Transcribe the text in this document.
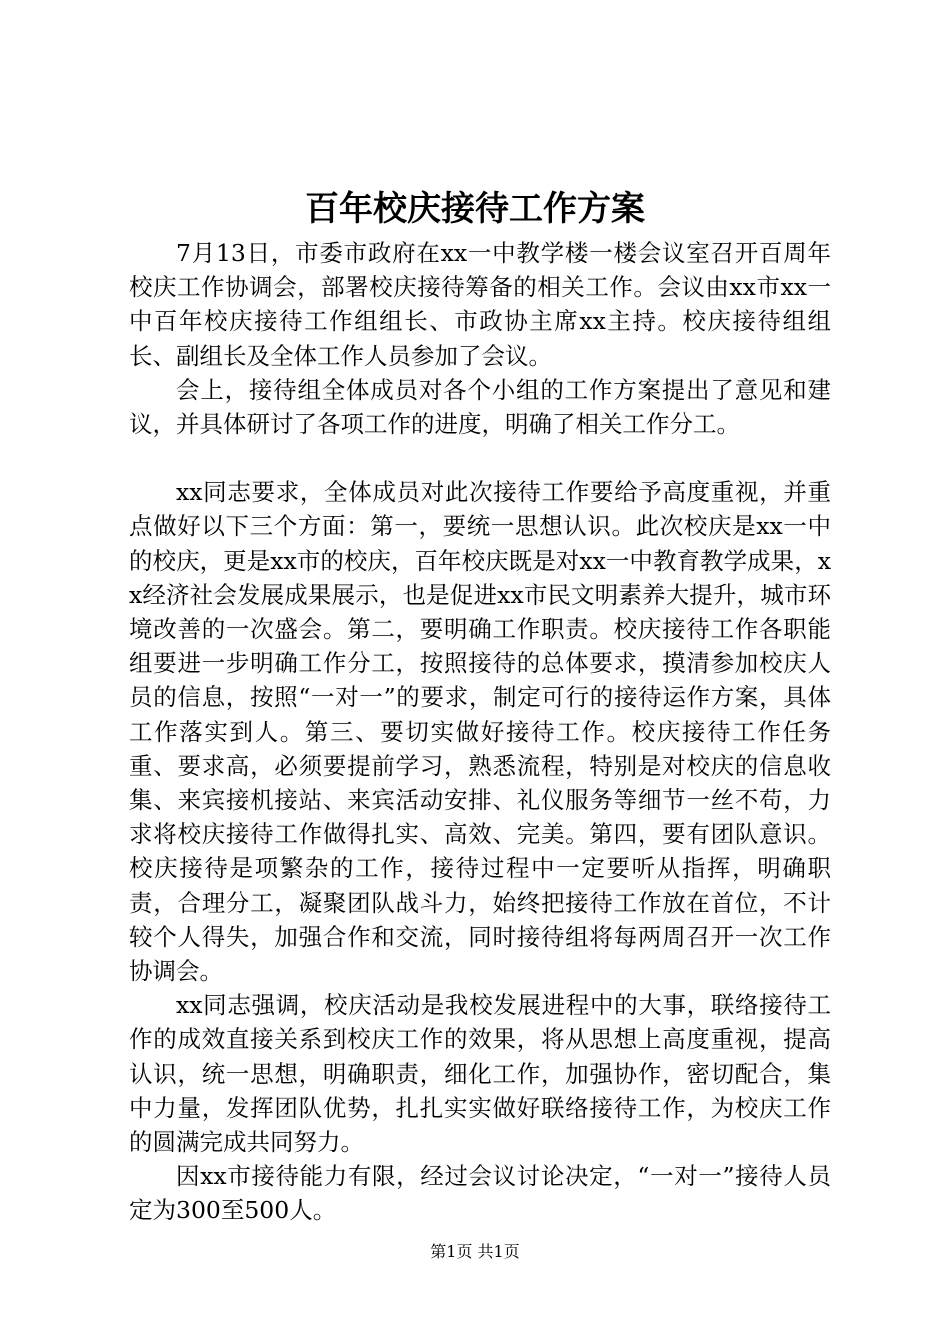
百年校庆接待工作方案

7月13日，市委市政府在xx一中教学楼一楼会议室召开百周年校庆工作协调会，部署校庆接待筹备的相关工作。会议由xx市xx一中百年校庆接待工作组组长、市政协主席xx主持。校庆接待组组长、副组长及全体工作人员参加了会议。

会上，接待组全体成员对各个小组的工作方案提出了意见和建议，并具体研讨了各项工作的进度，明确了相关工作分工。

xx同志要求，全体成员对此次接待工作要给予高度重视，并重点做好以下三个方面：第一，要统一思想认识。此次校庆是xx一中的校庆，更是xx市的校庆，百年校庆既是对xx一中教育教学成果，xx经济社会发展成果展示，也是促进xx市民文明素养大提升，城市环境改善的一次盛会。第二，要明确工作职责。校庆接待工作各职能组要进一步明确工作分工，按照接待的总体要求，摸清参加校庆人员的信息，按照“一对一”的要求，制定可行的接待运作方案，具体工作落实到人。第三、要切实做好接待工作。校庆接待工作任务重、要求高，必须要提前学习，熟悉流程，特别是对校庆的信息收集、来宾接机接站、来宾活动安排、礼仪服务等细节一丝不苟，力求将校庆接待工作做得扎实、高效、完美。第四，要有团队意识。校庆接待是项繁杂的工作，接待过程中一定要听从指挥，明确职责，合理分工，凝聚团队战斗力，始终把接待工作放在首位，不计较个人得失，加强合作和交流，同时接待组将每两周召开一次工作协调会。

xx同志强调，校庆活动是我校发展进程中的大事，联络接待工作的成效直接关系到校庆工作的效果，将从思想上高度重视，提高认识，统一思想，明确职责，细化工作，加强协作，密切配合，集中力量，发挥团队优势，扎扎实实做好联络接待工作，为校庆工作的圆满完成共同努力。

因xx市接待能力有限，经过会议讨论决定，“一对一”接待人员定为300至500人。

第1页 共1页
